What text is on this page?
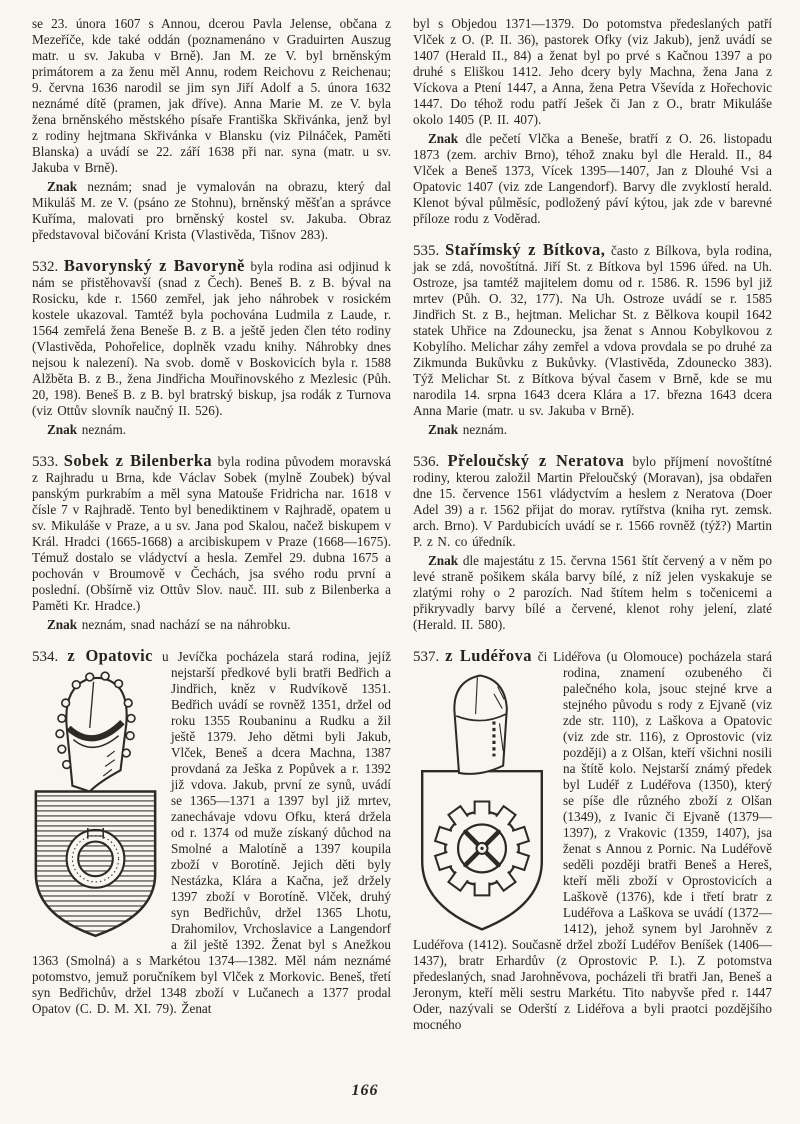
se 23. února 1607 s Annou, dcerou Pavla Jelense, občana z Mezeříče, kde také oddán (poznamenáno v Graduirten Auszug matr. u sv. Jakuba v Brně). Jan M. ze V. byl brněnským primátorem a za ženu měl Annu, rodem Reichovu z Reichenau; 9. června 1636 narodil se jim syn Jiří Adolf a 5. února 1632 neznámé dítě (pramen, jak dříve). Anna Marie M. ze V. byla žena brněnského městského písaře Františka Skřivánka, jenž byl z rodiny hejtmana Skřivánka v Blansku (viz Pilnáček, Paměti Blanska) a uvádí se 22. září 1638 při nar. syna (matr. u sv. Jakuba v Brně).
Znak neznám; snad je vymalován na obrazu, který dal Mikuláš M. ze V. (psáno ze Stohnu), brněnský měšťan a správce Kuříma, malovati pro brněnský kostel sv. Jakuba. Obraz představoval bičování Krista (Vlastivěda, Tišnov 283).
532. Bavorynský z Bavoryně byla rodina asi odjinud k nám se přistěhovavší (snad z Čech). Beneš B. z B. býval na Rosicku, kde r. 1560 zemřel, jak jeho náhrobek v rosickém kostele ukazoval. Tamtéž byla pochována Ludmila z Laude, r. 1564 zemřelá žena Beneše B. z B. a ještě jeden člen této rodiny (Vlastivěda, Pohořelice, doplněk vzadu knihy. Náhrobky dnes nejsou k nalezení). Na svob. domě v Boskovicích byla r. 1588 Alžběta B. z B., žena Jindřicha Mouřinovského z Mezlesic (Půh. 20, 198). Beneš B. z B. byl bratrský biskup, jsa rodák z Turnova (viz Ottův slovník naučný II. 526).
Znak neznám.
533. Sobek z Bilenberka byla rodina původem moravská z Rajhradu u Brna, kde Václav Sobek (mylně Zoubek) býval panským purkrabím a měl syna Matouše Fridricha nar. 1618 v čísle 7 v Rajhradě. Tento byl benediktinem v Rajhradě, opatem u sv. Mikuláše v Praze, a u sv. Jana pod Skalou, načež biskupem v Král. Hradci (1665-1668) a arcibiskupem v Praze (1668—1675). Témuž dostalo se vládyctví a hesla. Zemřel 29. dubna 1675 a pochován v Broumově v Čechách, jsa svého rodu první a poslední. (Obšírně viz Ottův Slov. nauč. III. sub z Bilenberka a Paměti Kr. Hradce.)
Znak neznám, snad nachází se na náhrobku.
534. z Opatovic u Jevíčka pocházela stará rodina, jejíž nejstarší předkové byli bratři Bedřich a Jindřich, kněz v Rudvíkově 1351. Bedřich uvádí se rovněž 1351, držel od roku 1355 Roubaninu a Rudku a žil ještě 1379. Jeho dětmi byli Jakub, Vlček, Beneš a dcera Machna, 1387 provdaná za Ješka z Popůvek a r. 1392 již vdova. Jakub, první ze synů, uvádí se 1365—1371 a 1397 byl již mrtev, zanechávaje vdovu Ofku, která držela od r. 1374 od muže získaný důchod na Smolné a Malotíně a 1397 koupila zboží v Borotíně. Jejich děti byly Nestázka, Klára a Kačna, jež držely 1397 zboží v Borotíně. Vlček, druhý syn Bedřichův, držel 1365 Lhotu, Drahomilov, Vrchoslavice a Langendorf a žil ještě 1392. Ženat byl s Anežkou 1363 (Smolná) a s Markétou 1374—1382. Měl nám neznámé potomstvo, jemuž poručníkem byl Vlček z Morkovic. Beneš, třetí syn Bedřichův, držel 1348 zboží v Lučanech a 1377 prodal Opatov (C. D. M. XI. 79). Ženat
byl s Objedou 1371—1379. Do potomstva předeslaných patří Vlček z O. (P. II. 36), pastorek Ofky (viz Jakub), jenž uvádí se 1407 (Herald II., 84) a ženat byl po prvé s Kačnou 1397 a po druhé s Eliškou 1412. Jeho dcery byly Machna, žena Jana z Víckova a Ptení 1447, a Anna, žena Petra Vševída z Hořechovic 1447. Do téhož rodu patří Ješek či Jan z O., bratr Mikuláše okolo 1405 (P. II. 407).
Znak dle pečetí Vlčka a Beneše, bratří z O. 26. listopadu 1873 (zem. archiv Brno), téhož znaku byl dle Herald. II., 84 Vlček a Beneš 1373, Vícek 1395—1407, Jan z Dlouhé Vsi a Opatovic 1407 (viz zde Langendorf). Barvy dle zvyklostí herald. Klenot býval půlměsíc, podložený páví kýtou, jak zde v barevné příloze rodu z Voděrad.
535. Stařímský z Bítkova, často z Bílkova, byla rodina, jak se zdá, novoštítná. Jiří St. z Bítkova byl 1596 úřed. na Uh. Ostroze, jsa tamtéž majitelem domu od r. 1586. R. 1596 byl již mrtev (Půh. O. 32, 177). Na Uh. Ostroze uvádí se r. 1585 Jindřich St. z B., hejtman. Melichar St. z Bělkova koupil 1642 statek Uhřice na Zdounecku, jsa ženat s Annou Kobylkovou z Kobylího. Melichar záhy zemřel a vdova provdala se po druhé za Zikmunda Bukůvku z Bukůvky. (Vlastivěda, Zdounecko 383). Týž Melichar St. z Bítkova býval časem v Brně, kde se mu narodila 14. srpna 1643 dcera Klára a 17. března 1643 dcera Anna Marie (matr. u sv. Jakuba v Brně).
Znak neznám.
536. Přeloučský z Neratova bylo příjmení novoštítné rodiny, kterou založil Martin Přeloučský (Moravan), jsa obdařen dne 15. července 1561 vládyctvím a heslem z Neratova (Doer Adel 39) a r. 1562 přijat do morav. rytířstva (kniha ryt. zemsk. arch. Brno). V Pardubicích uvádí se r. 1566 rovněž (týž?) Martin P. z N. co úředník.
Znak dle majestátu z 15. června 1561 štít červený a v něm po levé straně pošikem skála barvy bílé, z níž jelen vyskakuje se zlatými rohy o 2 parozích. Nad štítem helm s točenicemi a přikryvadly barvy bílé a červené, klenot rohy jelení, zlaté (Herald. II. 580).
537. z Ludéřova či Lidéřova (u Olomouce) pocházela stará rodina, znamení ozubeného či palečného kola, jsouc stejné krve a stejného původu s rody z Ejvaně (viz zde str. 110), z Laškova a Opatovic (viz zde str. 116), z Oprostovic (viz později) a z Olšan, kteří všichni nosili na štítě kolo. Nejstarší známý předek byl Ludéř z Ludéřova (1350), který se píše dle různého zboží z Olšan (1349), z Ivanic či Ejvaně (1379—1397), z Vrakovic (1359, 1407), jsa ženat s Annou z Pornic. Na Ludéřově seděli později bratři Beneš a Hereš, kteří měli zboží v Oprostovicích a Laškově (1376), kde i třetí bratr z Ludéřova a Laškova se uvádí (1372—1412), jehož synem byl Jarohněv z Ludéřova (1412). Současně držel zboží Ludéřov Beníšek (1406—1437), bratr Erhardův (z Oprostovic P. I.). Z potomstva předeslaných, snad Jarohněvova, pocházeli tři bratři Jan, Beneš a Jeronym, kteří měli sestru Markétu. Tito nabyvše před r. 1447 Oder, nazývali se Oderští z Lidéřova a byli praotci pozdějšího mocného
166
